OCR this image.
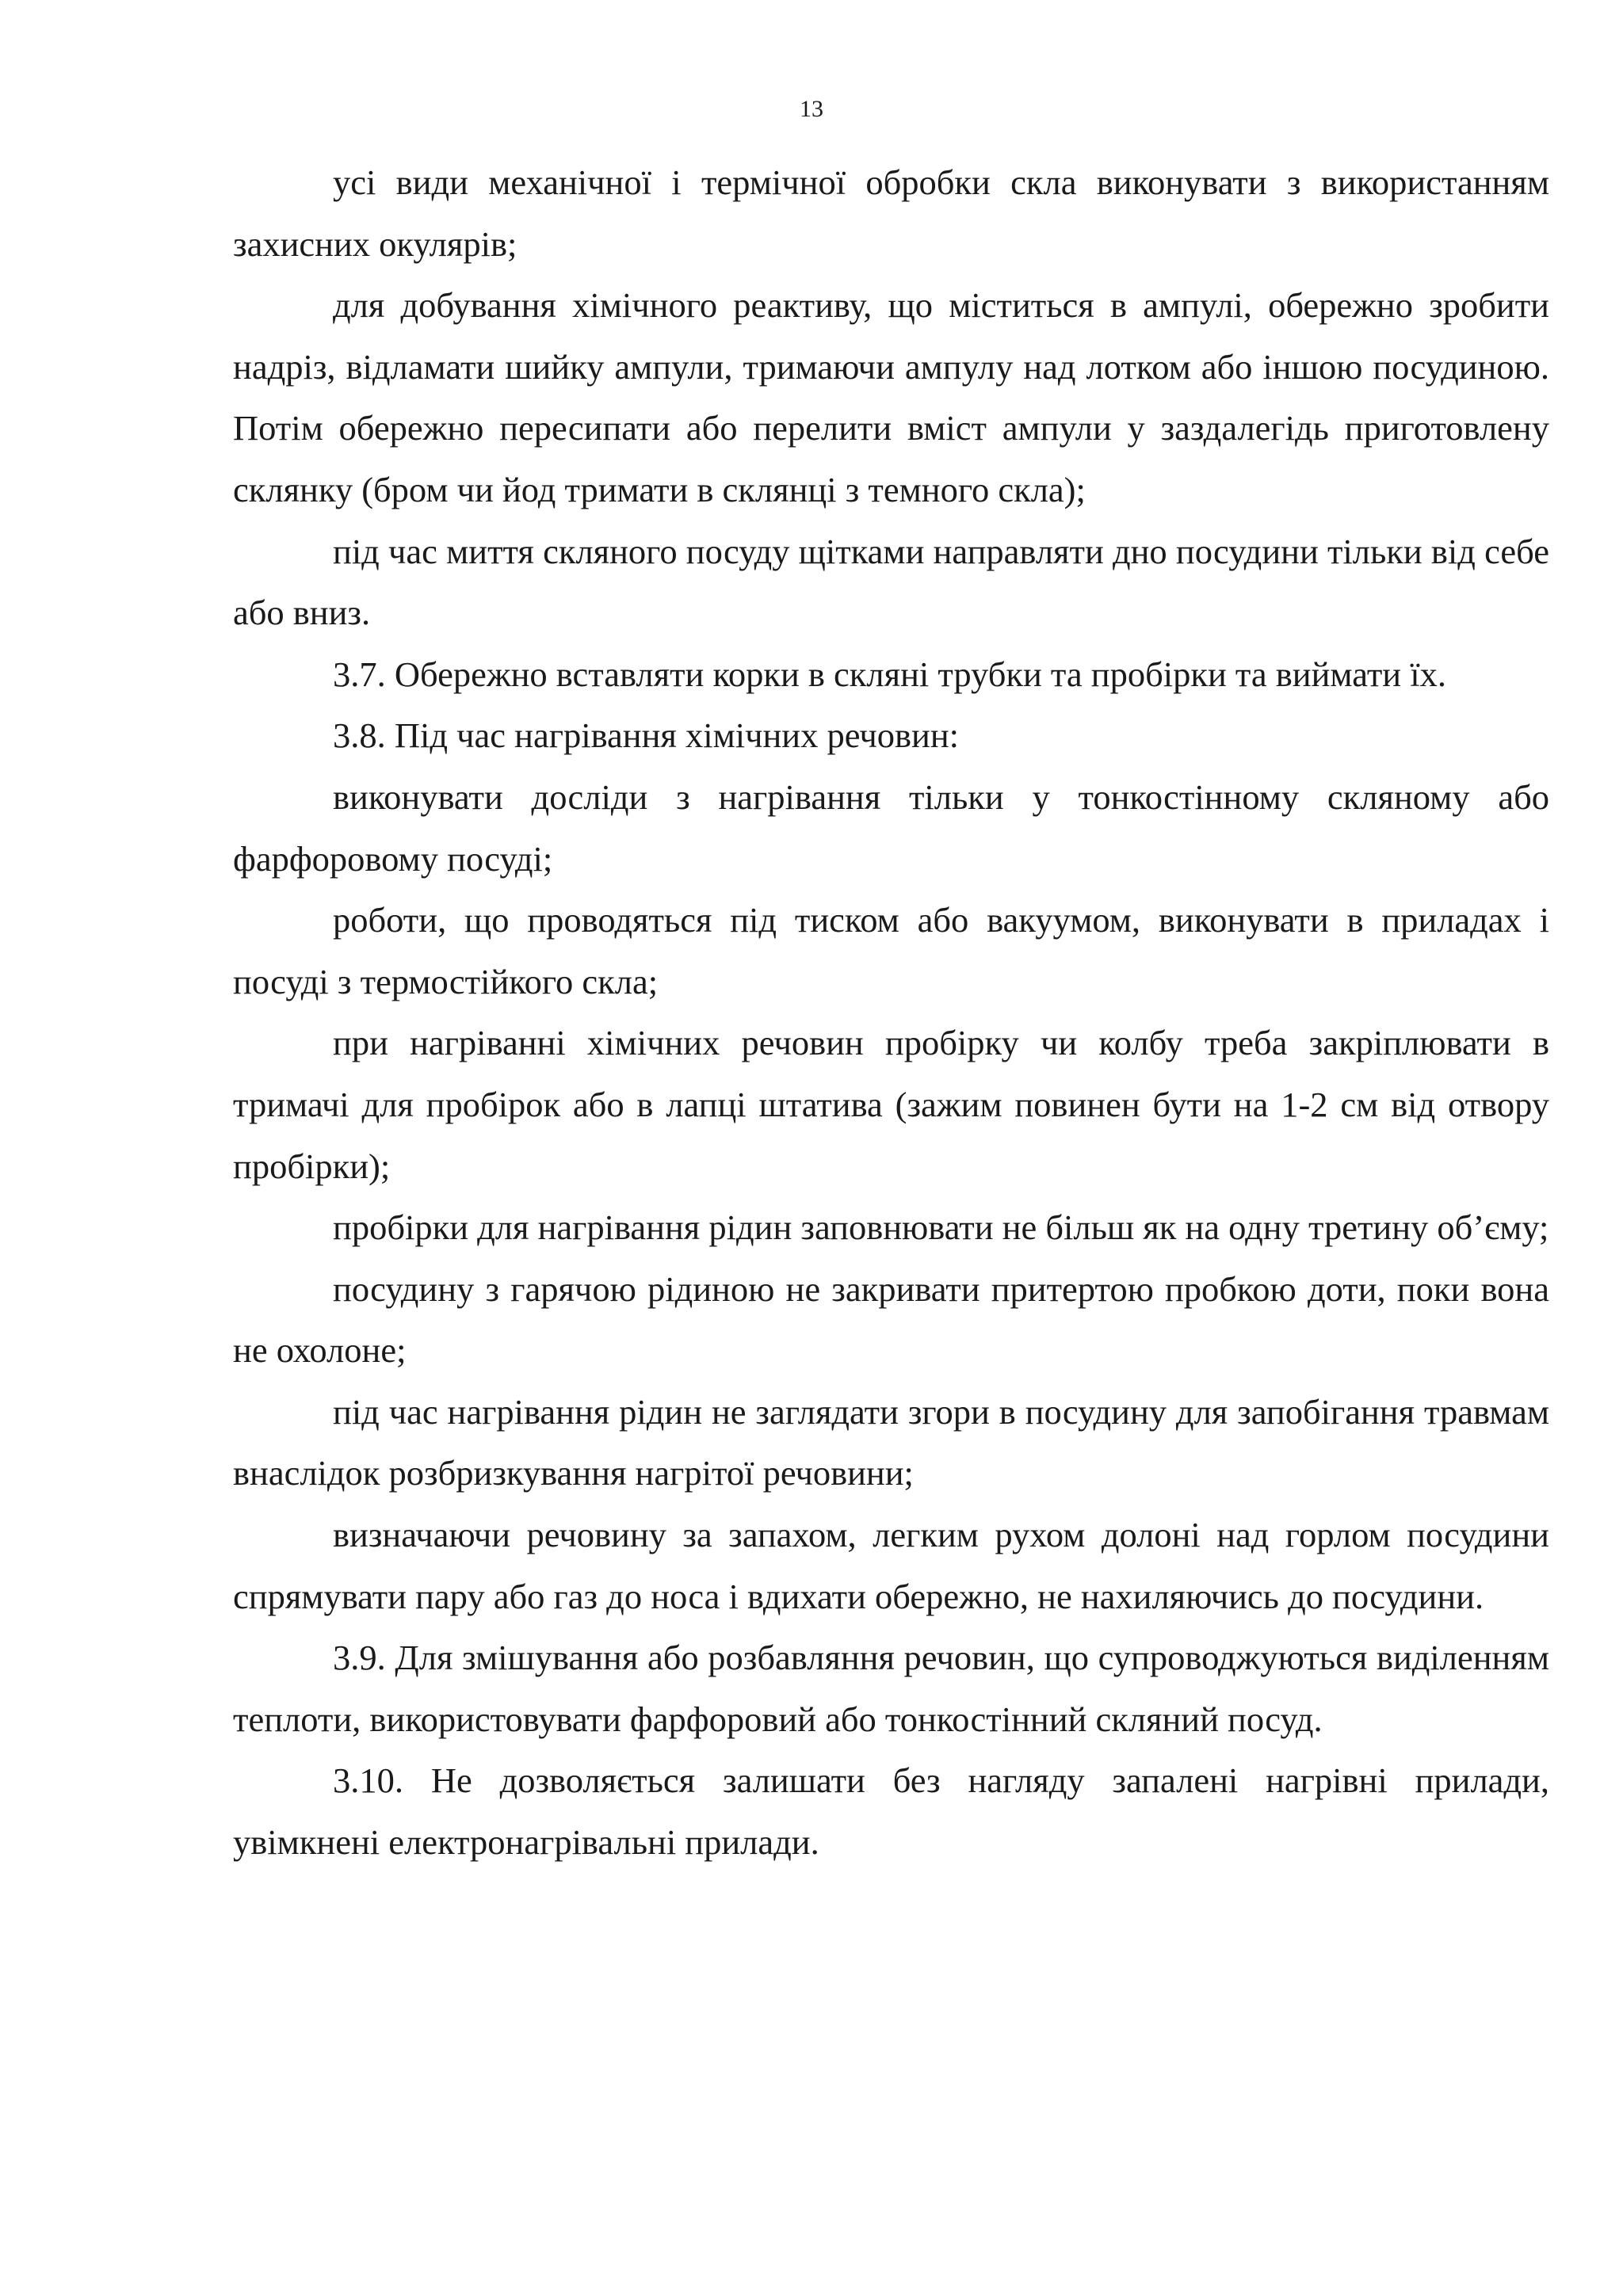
13

усі види механічної і термічної обробки скла виконувати з використанням захисних окулярів;

для добування хімічного реактиву, що міститься в ампулі, обережно зробити надріз, відламати шийку ампули, тримаючи ампулу над лотком або іншою посудиною. Потім обережно пересипати або перелити вміст ампули у заздалегідь приготовлену склянку (бром чи йод тримати в склянці з темного скла);

під час миття скляного посуду щітками направляти дно посудини тільки від себе або вниз.

3.7. Обережно вставляти корки в скляні трубки та пробірки та виймати їх.

3.8. Під час нагрівання хімічних речовин:

виконувати досліди з нагрівання тільки у тонкостінному скляному або фарфоровому посуді;

роботи, що проводяться під тиском або вакуумом, виконувати в приладах і посуді з термостійкого скла;

при нагріванні хімічних речовин пробірку чи колбу треба закріплювати в тримачі для пробірок або в лапці штатива (зажим повинен бути на 1-2 см від отвору пробірки);

пробірки для нагрівання рідин заповнювати не більш як на одну третину об’єму;

посудину з гарячою рідиною не закривати притертою пробкою доти, поки вона не охолоне;

під час нагрівання рідин не заглядати згори в посудину для запобігання травмам внаслідок розбризкування нагрітої речовини;

визначаючи речовину за запахом, легким рухом долоні над горлом посудини спрямувати пару або газ до носа і вдихати обережно, не нахиляючись до посудини.

3.9. Для змішування або розбавляння речовин, що супроводжуються виділенням теплоти, використовувати фарфоровий або тонкостінний скляний посуд.

3.10. Не дозволяється залишати без нагляду запалені нагрівні прилади, увімкнені електронагрівальні прилади.
